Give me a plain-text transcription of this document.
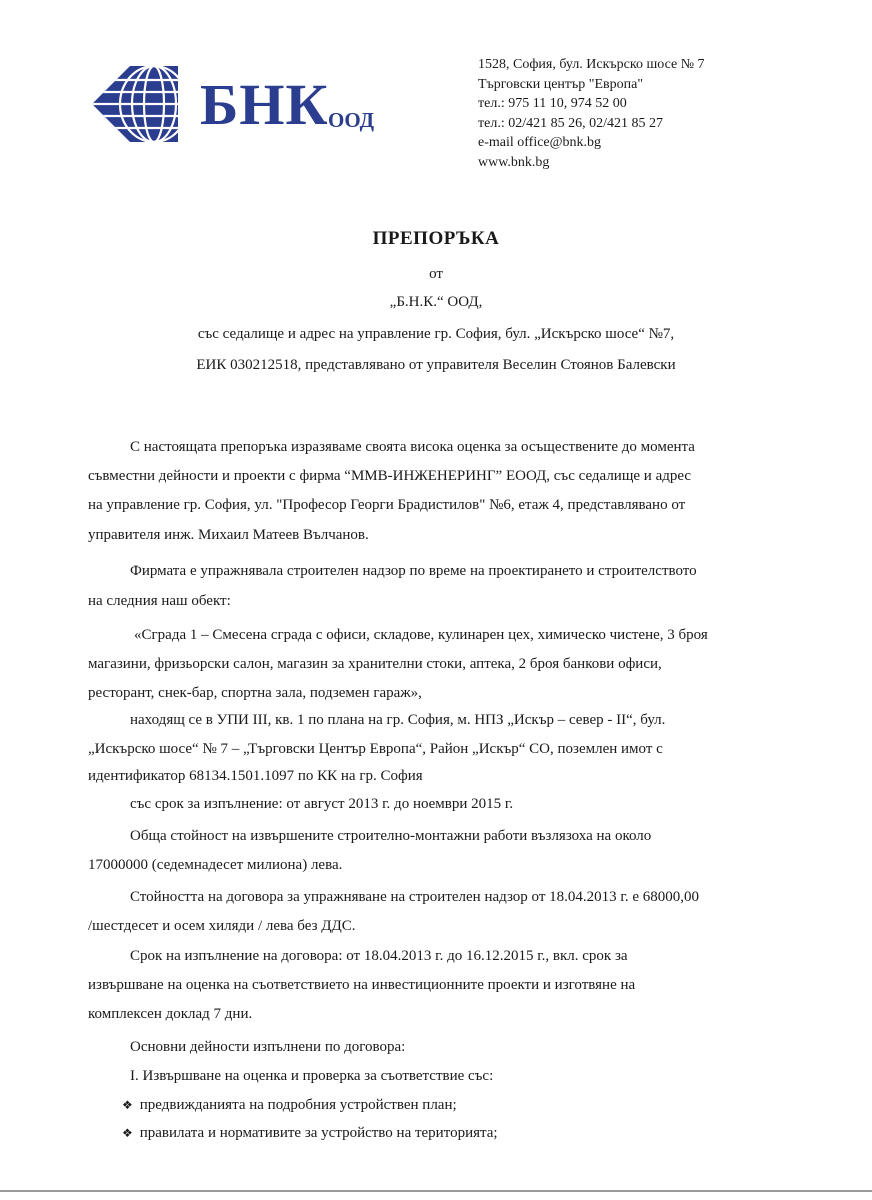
БНК ООД
1528, София, бул. Искърско шосе № 7
Търговски център "Европа"
тел.: 975 11 10, 974 52 00
тел.: 02/421 85 26, 02/421 85 27
e-mail office@bnk.bg
www.bnk.bg
ПРЕПОРЪКА
от
„Б.Н.К.“ ООД,
със седалище и адрес на управление гр. София, бул. „Искърско шосе“ №7,
ЕИК 030212518, представлявано от управителя Веселин Стоянов Балевски
С настоящата препоръка изразяваме своята висока оценка за осъществените до момента
съвместни дейности и проекти с фирма “ММВ-ИНЖЕНЕРИНГ” ЕООД, със седалище и адрес
на управление гр. София, ул. "Професор Георги Брадистилов" №6, етаж 4, представлявано от
управителя инж. Михаил Матеев Вълчанов.
Фирмата е упражнявала строителен надзор по време на проектирането и строителството
на следния наш обект:
«Сграда 1 – Смесена сграда с офиси, складове, кулинарен цех, химическо чистене, 3 броя
магазини, фризьорски салон, магазин за хранителни стоки, аптека, 2 броя банкови офиси,
ресторант, снек-бар, спортна зала, подземен гараж»,
находящ се в УПИ III, кв. 1 по плана на гр. София, м. НПЗ „Искър – север - II“, бул.
„Искърско шосе“ № 7 – „Търговски Център Европа“, Район „Искър“ СО, поземлен имот с
идентификатор 68134.1501.1097 по КК на гр. София
със срок за изпълнение: от август 2013 г. до ноември 2015 г.
Обща стойност на извършените строително-монтажни работи възлязоха на около
17000000 (седемнадесет милиона) лева.
Стойността на договора за упражняване на строителен надзор от 18.04.2013 г. е 68000,00
/шестдесет и осем хиляди / лева без ДДС.
Срок на изпълнение на договора: от 18.04.2013 г. до 16.12.2015 г., вкл. срок за
извършване на оценка на съответствието на инвестиционните проекти и изготвяне на
комплексен доклад 7 дни.
Основни дейности изпълнени по договора:
I. Извършване на оценка и проверка за съответствие със:
❖ предвижданията на подробния устройствен план;
❖ правилата и нормативите за устройство на територията;
